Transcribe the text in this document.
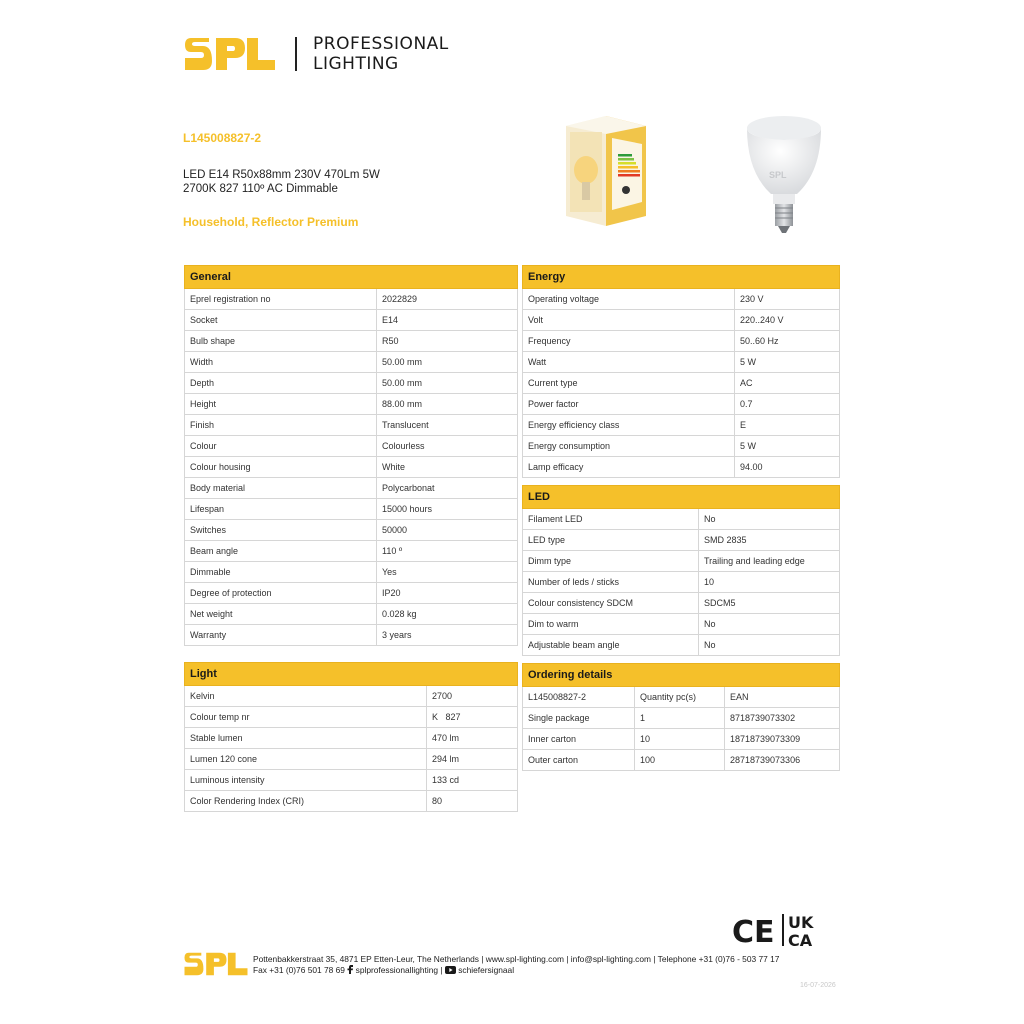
PROFESSIONAL
LIGHTING
L145008827-2
LED E14 R50x88mm 230V 470Lm 5W
2700K 827 110º AC Dimmable
Household, Reflector Premium
SPL
General	
Eprel registration no	2022829
Socket	E14
Bulb shape	R50
Width	50.00 mm
Depth	50.00 mm
Height	88.00 mm
Finish	Translucent
Colour	Colourless
Colour housing	White
Body material	Polycarbonat
Lifespan	15000 hours
Switches	50000
Beam angle	110 º
Dimmable	Yes
Degree of protection	IP20
Net weight	0.028 kg
Warranty	3 years
Light	
Kelvin	2700
Colour temp nr	K   827
Stable lumen	470 lm
Lumen 120 cone	294 lm
Luminous intensity	133 cd
Color Rendering Index (CRI)	80
Energy	
Operating voltage	230 V
Volt	220..240 V
Frequency	50..60 Hz
Watt	5 W
Current type	AC
Power factor	0.7
Energy efficiency class	E
Energy consumption	5 W
Lamp efficacy	94.00
LED	
Filament LED	No
LED type	SMD 2835
Dimm type	Trailing and leading edge
Number of leds / sticks	10
Colour consistency SDCM	SDCM5
Dim to warm	No
Adjustable beam angle	No
Ordering details		
L145008827-2	Quantity pc(s)	EAN
Single package	1	8718739073302
Inner carton	10	18718739073309
Outer carton	100	28718739073306
CE UK
CA
Pottenbakkerstraat 35, 4871 EP Etten-Leur, The Netherlands | www.spl-lighting.com | info@spl-lighting.com | Telephone +31 (0)76 - 503 77 17
Fax +31 (0)76 501 78 69 splprofessionallighting | schiefersignaal
16-07-2026
